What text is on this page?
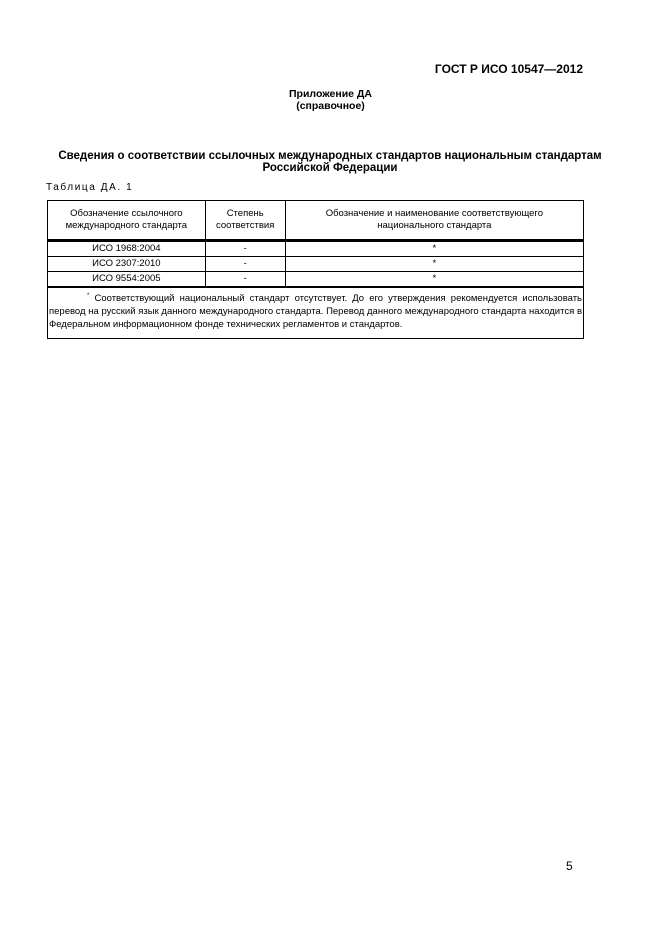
ГОСТ Р ИСО 10547—2012
Приложение ДА
(справочное)
Сведения о соответствии ссылочных международных стандартов национальным стандартам
Российской Федерации
Таблица ДА. 1
Обозначение ссылочного международного стандарта	Степень соответствия	Обозначение и наименование соответствующего национального стандарта
ИСО 1968:2004	-	*
ИСО 2307:2010	-	*
ИСО 9554:2005	-	*

* Соответствующий национальный стандарт отсутствует. До его утверждения рекомендуется использовать перевод на русский язык данного международного стандарта. Перевод данного международного стандарта находится в Федеральном информационном фонде технических регламентов и стандартов.		
5
